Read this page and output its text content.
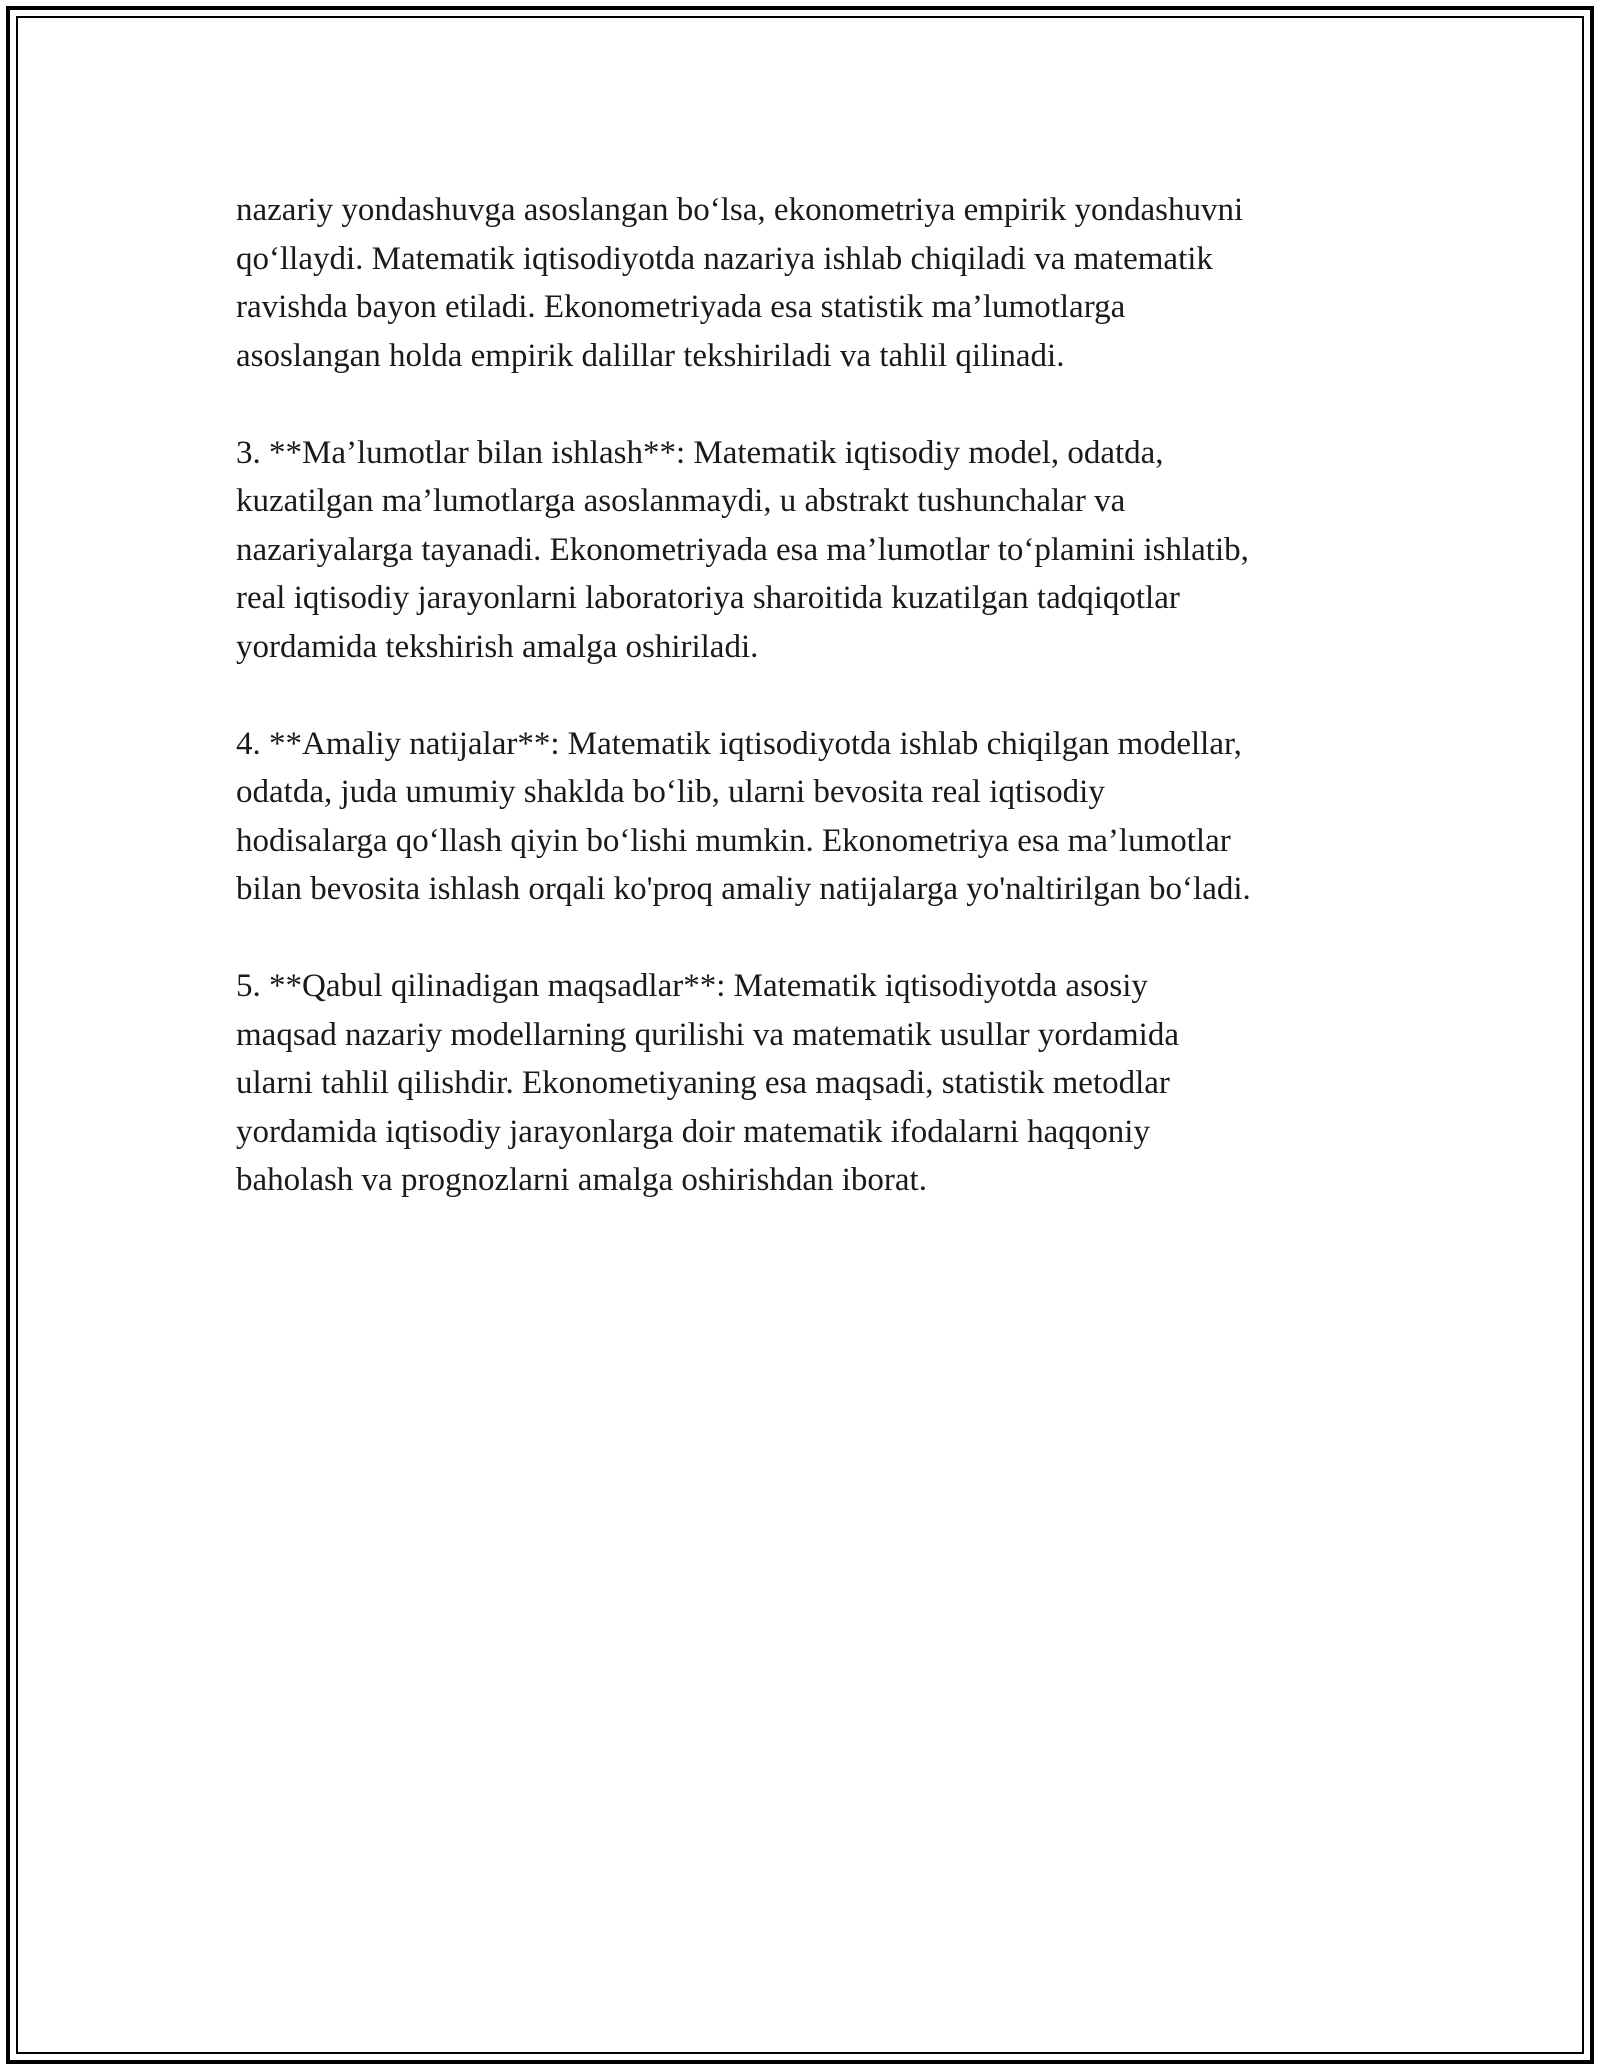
nazariy yondashuvga asoslangan bo‘lsa, ekonometriya empirik yondashuvni
qo‘llaydi. Matematik iqtisodiyotda nazariya ishlab chiqiladi va matematik
ravishda bayon etiladi. Ekonometriyada esa statistik ma’lumotlarga
asoslangan holda empirik dalillar tekshiriladi va tahlil qilinadi.

3. **Ma’lumotlar bilan ishlash**: Matematik iqtisodiy model, odatda,
kuzatilgan ma’lumotlarga asoslanmaydi, u abstrakt tushunchalar va
nazariyalarga tayanadi. Ekonometriyada esa ma’lumotlar to‘plamini ishlatib,
real iqtisodiy jarayonlarni laboratoriya sharoitida kuzatilgan tadqiqotlar
yordamida tekshirish amalga oshiriladi.

4. **Amaliy natijalar**: Matematik iqtisodiyotda ishlab chiqilgan modellar,
odatda, juda umumiy shaklda bo‘lib, ularni bevosita real iqtisodiy
hodisalarga qo‘llash qiyin bo‘lishi mumkin. Ekonometriya esa ma’lumotlar
bilan bevosita ishlash orqali ko'proq amaliy natijalarga yo'naltirilgan bo‘ladi.

5. **Qabul qilinadigan maqsadlar**: Matematik iqtisodiyotda asosiy
maqsad nazariy modellarning qurilishi va matematik usullar yordamida
ularni tahlil qilishdir. Ekonometiyaning esa maqsadi, statistik metodlar
yordamida iqtisodiy jarayonlarga doir matematik ifodalarni haqqoniy
baholash va prognozlarni amalga oshirishdan iborat.
